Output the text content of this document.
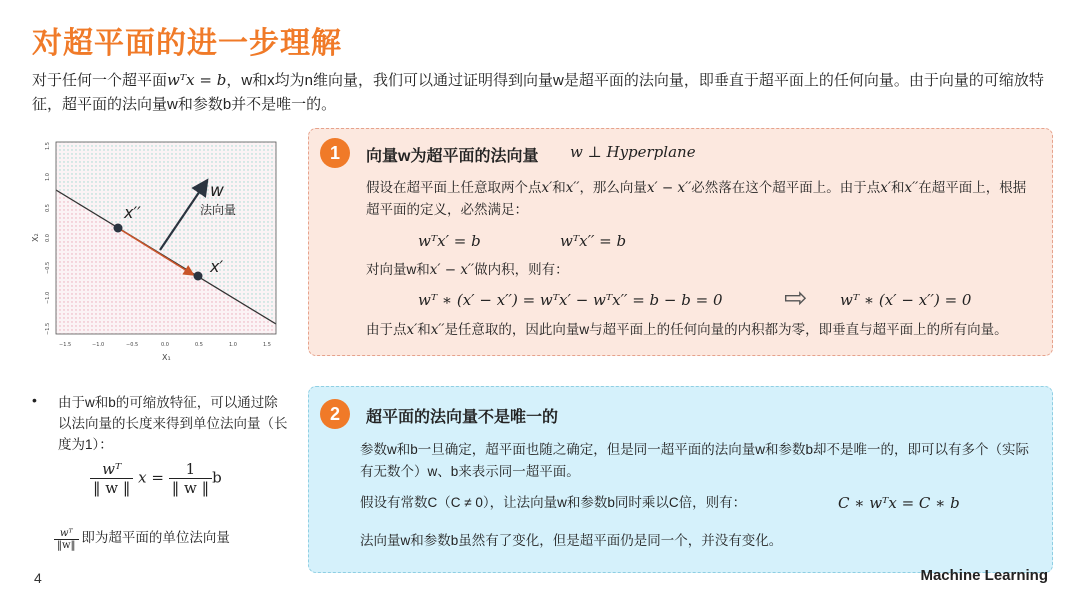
对超平面的进一步理解
对于任何一个超平面wᵀx = b，w和x均为n维向量，我们可以通过证明得到向量w是超平面的法向量，即垂直于超平面上的任何向量。由于向量的可缩放特征，超平面的法向量w和参数b并不是唯一的。
w
法向量
x′′
x′
−1.5	−1.0	−0.5	0.0	0.5	1.0	1.5
1.5
1.0
0.5
0.0
−0.5
−1.0
−1.5
X₁
X₂
1	向量w为超平面的法向量 w ⊥ Hyperplane
假设在超平面上任意取两个点x′和x′′，那么向量x′ − x′′必然落在这个超平面上。由于点x′和x′′在超平面上，根据超平面的定义，必然满足：
wᵀx′ = b	wᵀx′′ = b
对向量w和x′ − x′′做内积，则有：
wᵀ ∗ (x′ − x′′) = wᵀx′ − wᵀx′′ = b − b = 0 ⇨ wᵀ ∗ (x′ − x′′) = 0
由于点x′和x′′是任意取的，因此向量w与超平面上的任何向量的内积都为零，即垂直与超平面上的所有向量。
2	超平面的法向量不是唯一的
参数w和b一旦确定，超平面也随之确定，但是同一超平面的法向量w和参数b却不是唯一的，即可以有多个（实际有无数个）w、b来表示同一超平面。
假设有常数C（C ≠ 0），让法向量w和参数b同时乘以C倍，则有：	C ∗ wᵀx = C ∗ b
法向量w和参数b虽然有了变化，但是超平面仍是同一个，并没有变化。
• 由于w和b的可缩放特征，可以通过除以法向量的长度来得到单位法向量（长度为1）：
$\frac{\text{wᵀ}}{‖ w ‖}$ $x = \frac{1}{‖ w ‖}$ b
$\frac{\text{wᵀ}}{‖w‖}$ 即为超平面的单位法向量
4	Machine Learning
